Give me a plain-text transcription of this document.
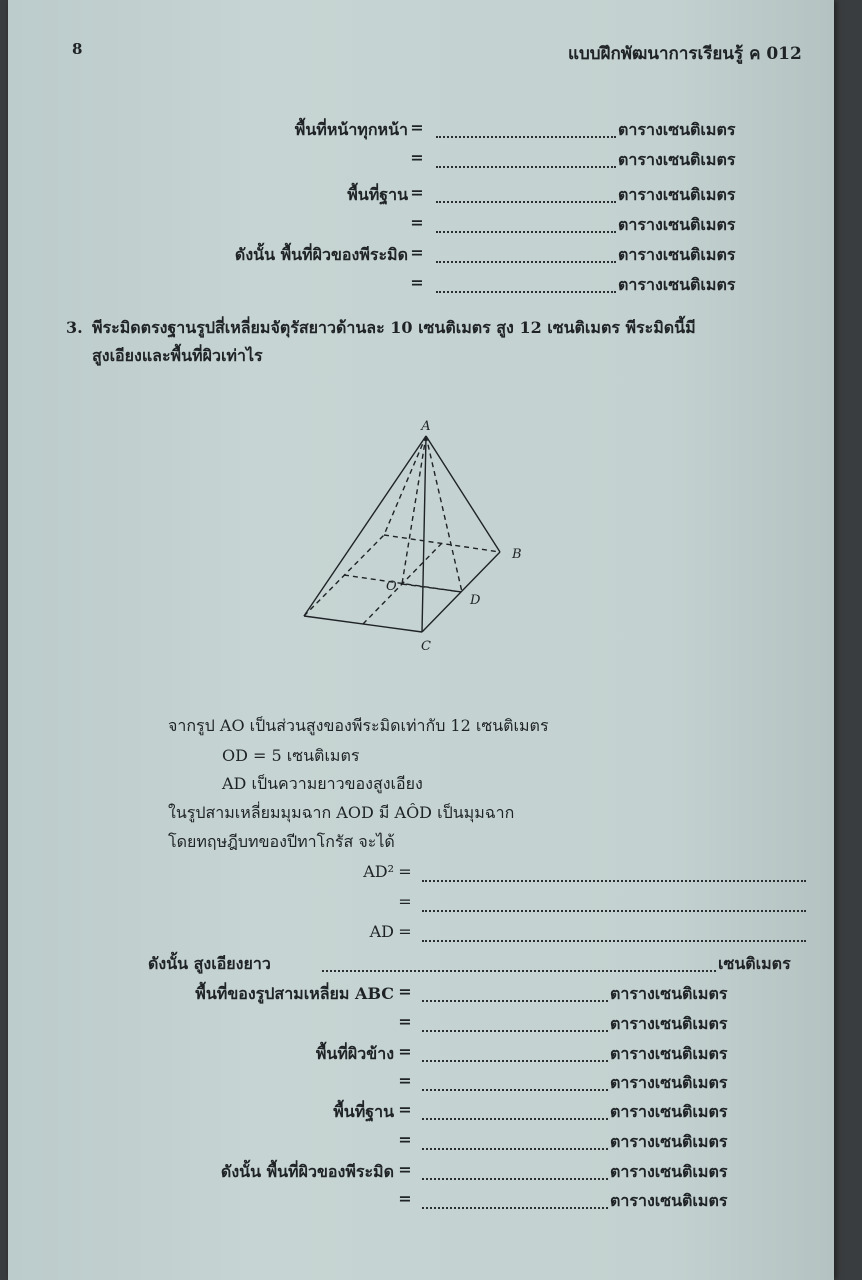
8	แบบฝึกพัฒนาการเรียนรู้ ค 012
พื้นที่หน้าทุกหน้า =	ตารางเซนติเมตร
=	ตารางเซนติเมตร
พื้นที่ฐาน =	ตารางเซนติเมตร
=	ตารางเซนติเมตร
ดังนั้น พื้นที่ผิวของพีระมิด =	ตารางเซนติเมตร
=	ตารางเซนติเมตร
3. พีระมิดตรงฐานรูปสี่เหลี่ยมจัตุรัสยาวด้านละ 10 เซนติเมตร สูง 12 เซนติเมตร พีระมิดนี้มี
สูงเอียงและพื้นที่ผิวเท่าไร
A
B
C
D
O
จากรูป AO เป็นส่วนสูงของพีระมิดเท่ากับ 12 เซนติเมตร
OD = 5 เซนติเมตร
AD เป็นความยาวของสูงเอียง
ในรูปสามเหลี่ยมมุมฉาก AOD มี AÔD เป็นมุมฉาก
โดยทฤษฎีบทของปีทาโกรัส จะได้
AD² =
=
AD =
ดังนั้น สูงเอียงยาว	เซนติเมตร
พื้นที่ของรูปสามเหลี่ยม ABC =	ตารางเซนติเมตร
=	ตารางเซนติเมตร
พื้นที่ผิวข้าง =	ตารางเซนติเมตร
=	ตารางเซนติเมตร
พื้นที่ฐาน =	ตารางเซนติเมตร
=	ตารางเซนติเมตร
ดังนั้น พื้นที่ผิวของพีระมิด =	ตารางเซนติเมตร
=	ตารางเซนติเมตร
